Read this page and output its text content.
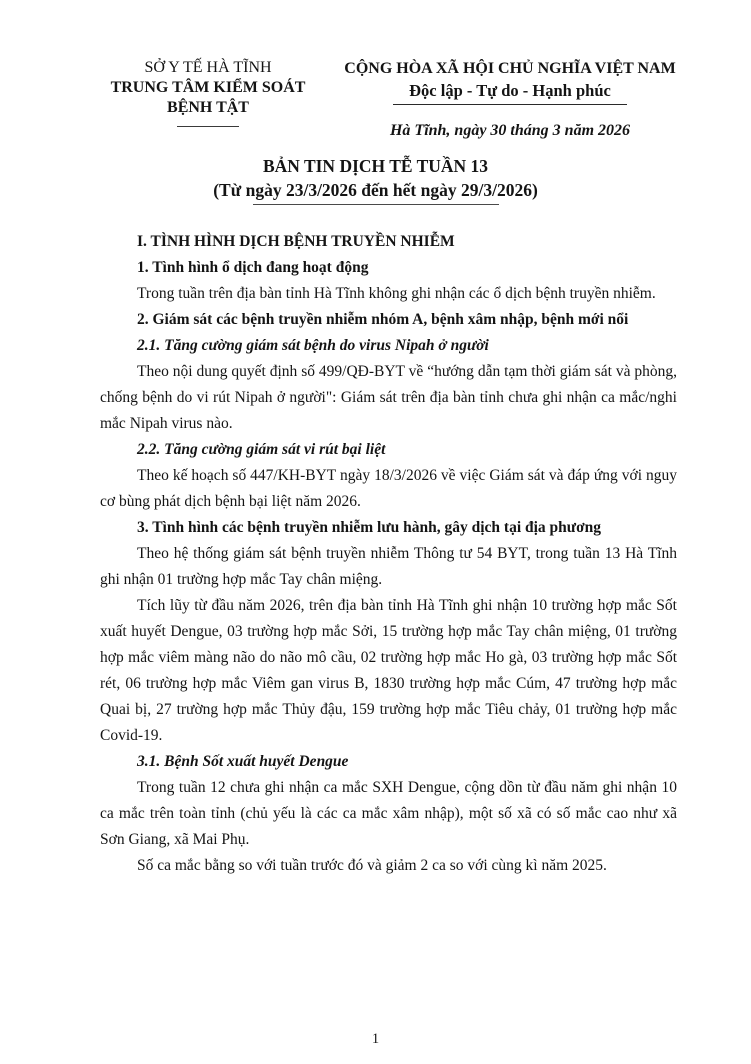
SỞ Y TẾ HÀ TĨNH
TRUNG TÂM KIỂM SOÁT
BỆNH TẬT
CỘNG HÒA XÃ HỘI CHỦ NGHĨA VIỆT NAM
Độc lập - Tự do - Hạnh phúc
Hà Tĩnh, ngày 30 tháng 3 năm 2026
BẢN TIN DỊCH TỄ TUẦN 13
(Từ ngày 23/3/2026 đến hết ngày 29/3/2026)

I. TÌNH HÌNH DỊCH BỆNH TRUYỀN NHIỄM

1. Tình hình ổ dịch đang hoạt động

Trong tuần trên địa bàn tỉnh Hà Tĩnh không ghi nhận các ổ dịch bệnh truyền nhiễm.

2. Giám sát các bệnh truyền nhiễm nhóm A, bệnh xâm nhập, bệnh mới nổi

2.1. Tăng cường giám sát bệnh do virus Nipah ở người

Theo nội dung quyết định số 499/QĐ-BYT về “hướng dẫn tạm thời giám sát và phòng, chống bệnh do vi rút Nipah ở người": Giám sát trên địa bàn tỉnh chưa ghi nhận ca mắc/nghi mắc Nipah virus nào.

2.2. Tăng cường giám sát vi rút bại liệt

Theo kế hoạch số 447/KH-BYT ngày 18/3/2026 về việc Giám sát và đáp ứng với nguy cơ bùng phát dịch bệnh bại liệt năm 2026.

3. Tình hình các bệnh truyền nhiễm lưu hành, gây dịch tại địa phương

Theo hệ thống giám sát bệnh truyền nhiễm Thông tư 54 BYT, trong tuần 13 Hà Tĩnh ghi nhận 01 trường hợp mắc Tay chân miệng.

Tích lũy từ đầu năm 2026, trên địa bàn tỉnh Hà Tĩnh ghi nhận 10 trường hợp mắc Sốt xuất huyết Dengue, 03 trường hợp mắc Sởi, 15 trường hợp mắc Tay chân miệng, 01 trường hợp mắc viêm màng não do não mô cầu, 02 trường hợp mắc Ho gà, 03 trường hợp mắc Sốt rét, 06 trường hợp mắc Viêm gan virus B, 1830 trường hợp mắc Cúm, 47 trường hợp mắc Quai bị, 27 trường hợp mắc Thủy đậu, 159 trường hợp mắc Tiêu chảy, 01 trường hợp mắc Covid-19.

3.1. Bệnh Sốt xuất huyết Dengue

Trong tuần 12 chưa ghi nhận ca mắc SXH Dengue, cộng dồn từ đầu năm ghi nhận 10 ca mắc trên toàn tỉnh (chủ yếu là các ca mắc xâm nhập), một số xã có số mắc cao như xã Sơn Giang, xã Mai Phụ.

Số ca mắc bằng so với tuần trước đó và giảm 2 ca so với cùng kì năm 2025.

1
